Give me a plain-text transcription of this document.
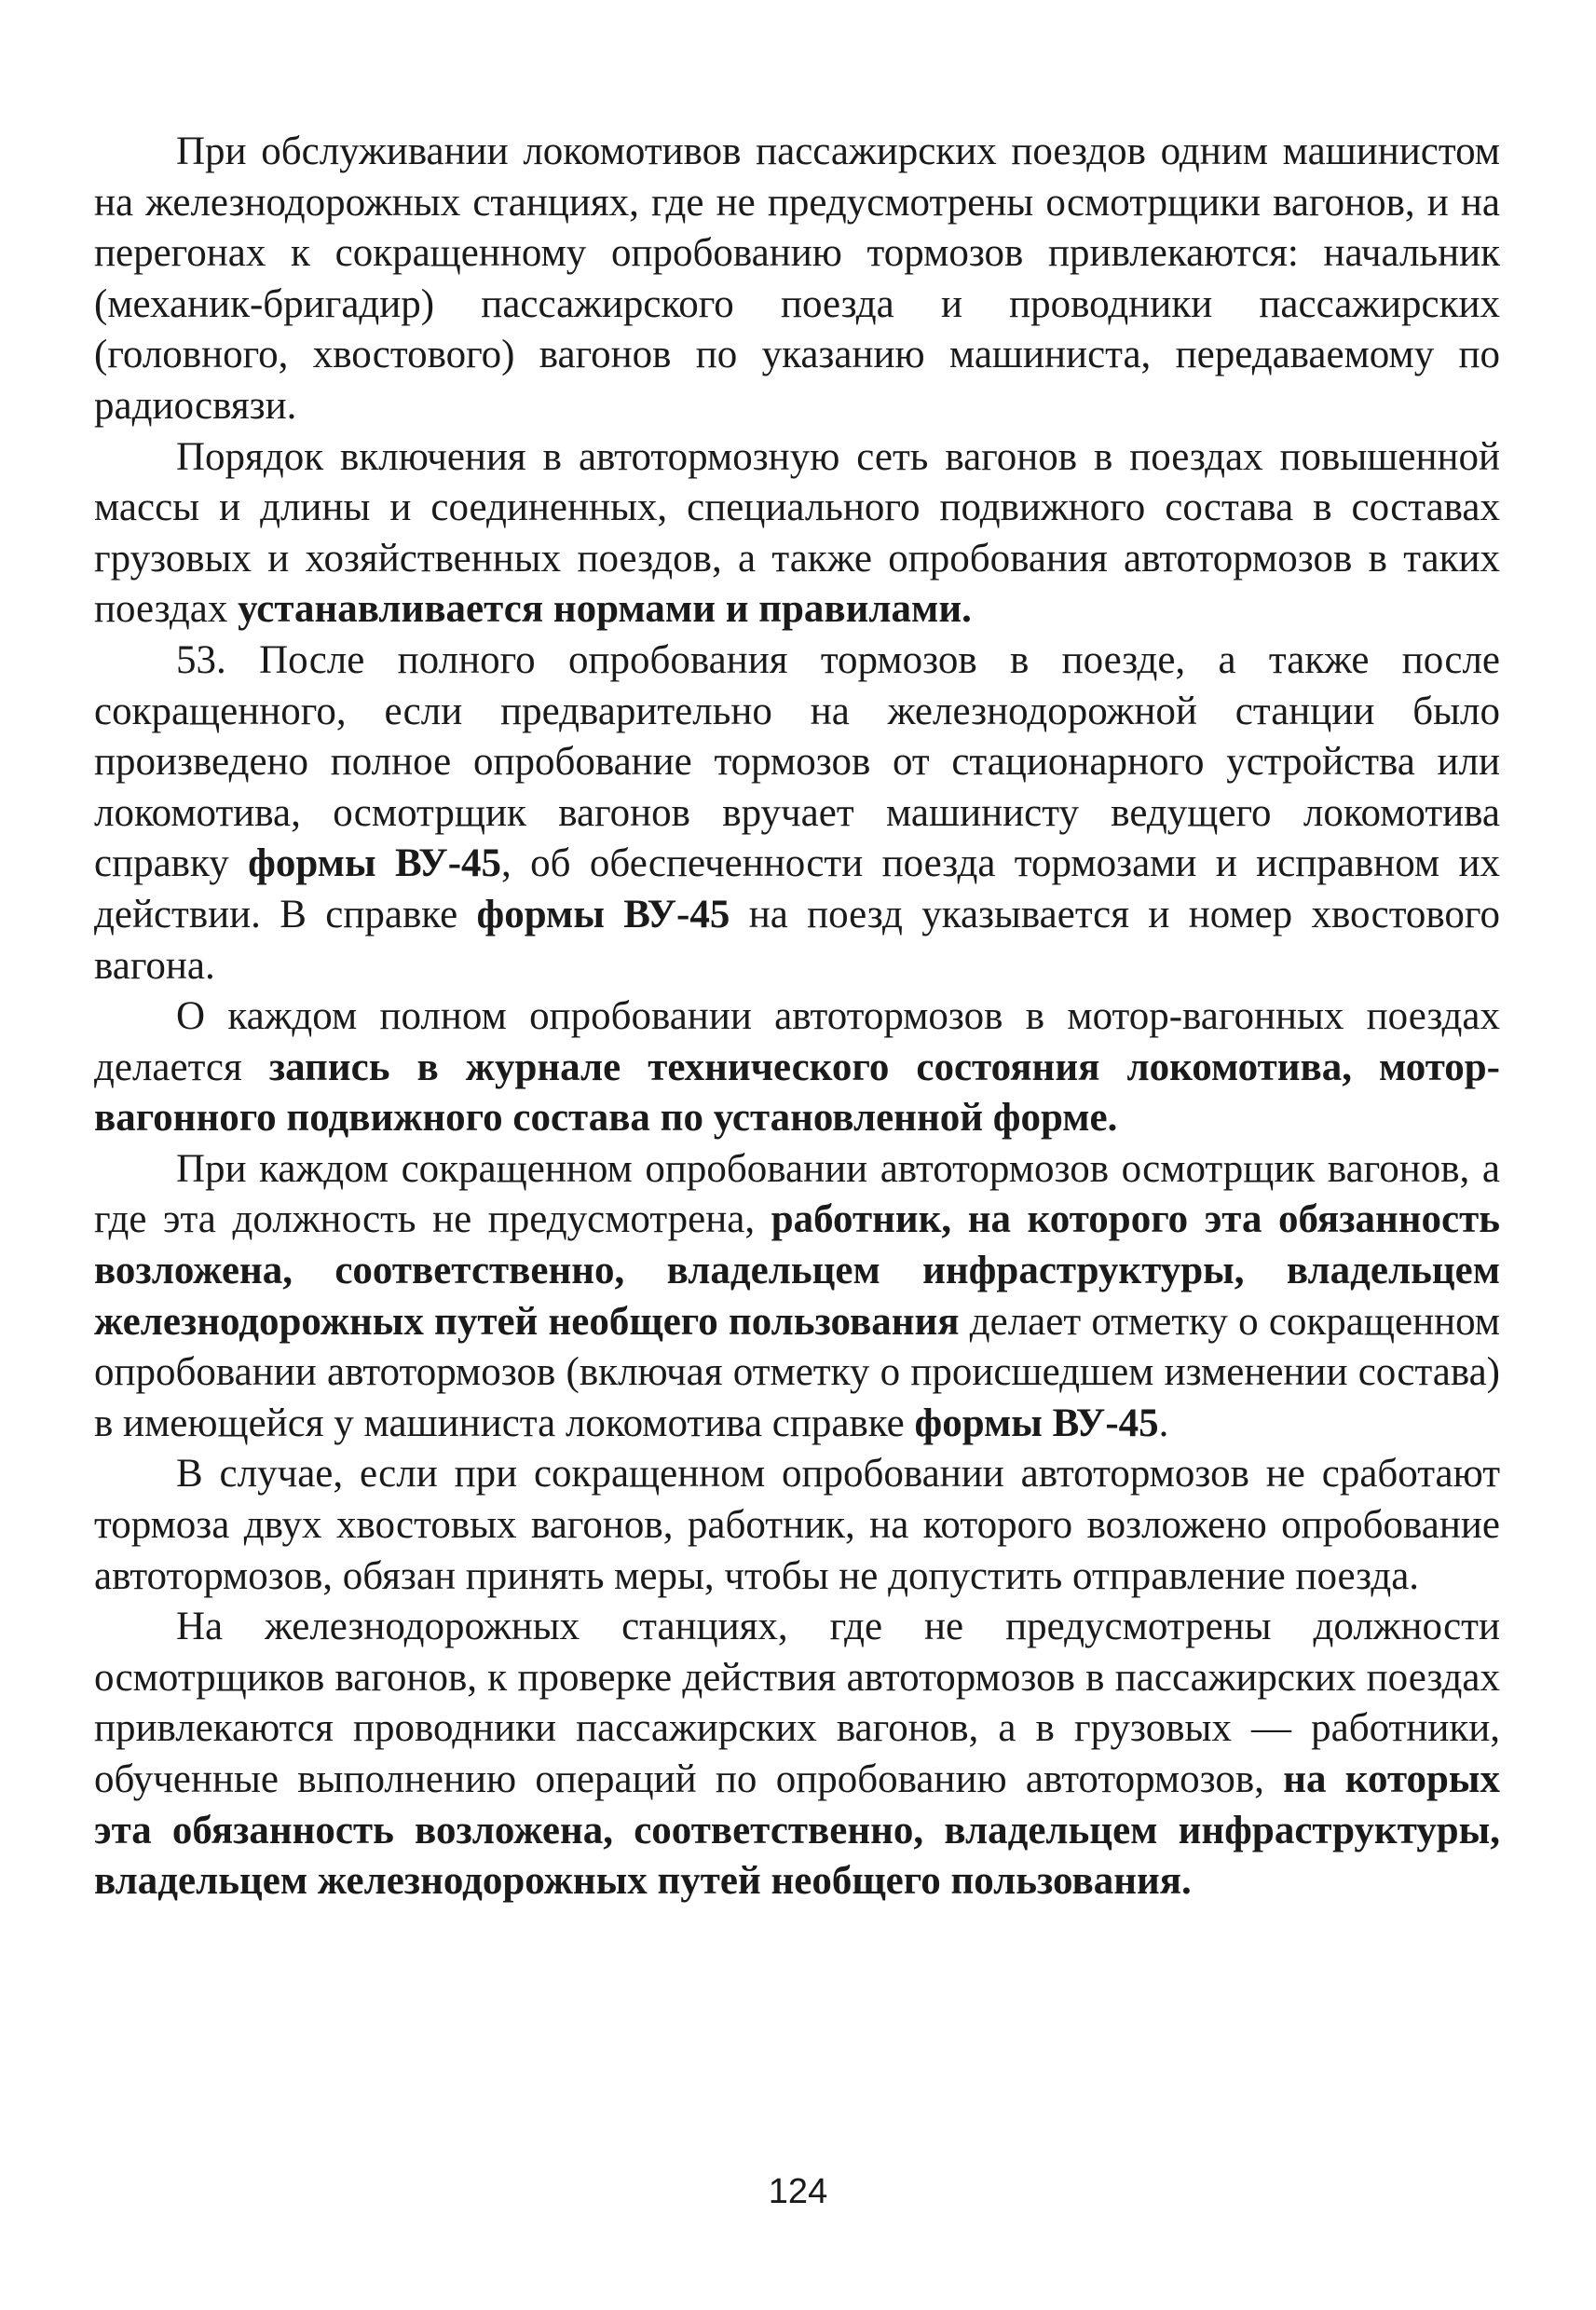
При обслуживании локомотивов пассажирских поездов одним машинистом на железнодорожных станциях, где не предусмотрены осмотрщики вагонов, и на перегонах к сокращенному опробованию тормозов привлекаются: начальник (механик-бригадир) пассажирского поезда и проводники пассажирских (головного, хвостового) вагонов по указанию машиниста, передаваемому по радиосвязи.

Порядок включения в автотормозную сеть вагонов в поездах повышенной массы и длины и соединенных, специального подвижного состава в составах грузовых и хозяйственных поездов, а также опробования автотормозов в таких поездах устанавливается нормами и правилами.

53. После полного опробования тормозов в поезде, а также после сокращенного, если предварительно на железнодорожной станции было произведено полное опробование тормозов от стационарного устройства или локомотива, осмотрщик вагонов вручает машинисту ведущего локомотива справку формы ВУ-45, об обеспеченности поезда тормозами и исправном их действии. В справке формы ВУ-45 на поезд указывается и номер хвостового вагона.

О каждом полном опробовании автотормозов в мотор-вагонных поездах делается запись в журнале технического состояния локомотива, мотор-вагонного подвижного состава по установленной форме.

При каждом сокращенном опробовании автотормозов осмотрщик вагонов, а где эта должность не предусмотрена, работник, на которого эта обязанность возложена, соответственно, владельцем инфраструктуры, владельцем железнодорожных путей необщего пользования делает отметку о сокращенном опробовании автотормозов (включая отметку о происшедшем изменении состава) в имеющейся у машиниста локомотива справке формы ВУ-45.

В случае, если при сокращенном опробовании автотормозов не сработают тормоза двух хвостовых вагонов, работник, на которого возложено опробование автотормозов, обязан принять меры, чтобы не допустить отправление поезда.

На железнодорожных станциях, где не предусмотрены должности осмотрщиков вагонов, к проверке действия автотормозов в пассажирских поездах привлекаются проводники пассажирских вагонов, а в грузовых — работники, обученные выполнению операций по опробованию автотормозов, на которых эта обязанность возложена, соответственно, владельцем инфраструктуры, владельцем железнодорожных путей необщего пользования.

124
